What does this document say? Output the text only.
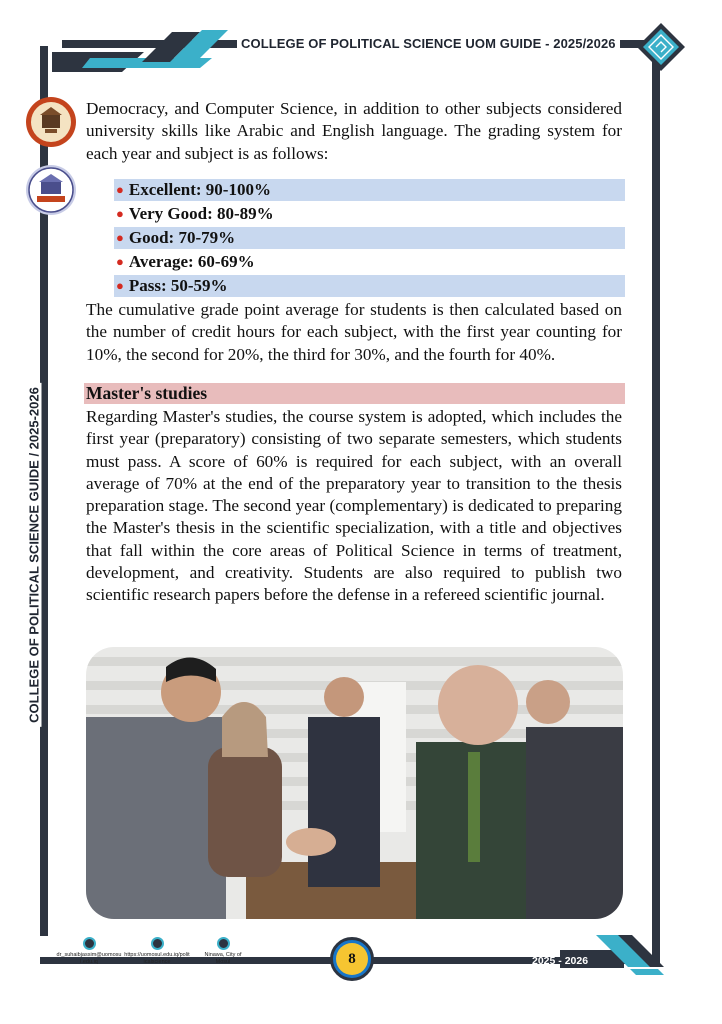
COLLEGE OF POLITICAL SCIENCE UOM GUIDE - 2025/2026
COLLEGE OF POLITICAL SCIENCE GUIDE / 2025-2026

Democracy, and Computer Science, in addition to other subjects considered university skills like Arabic and English language. The grading system for each year and subject is as follows:

● Excellent: 90-100%
● Very Good: 80-89%
● Good: 70-79%
● Average: 60-69%
● Pass: 50-59%

The cumulative grade point average for students is then calculated based on the number of credit hours for each subject, with the first year counting for 10%, the second for 20%, the third for 30%, and the fourth for 40%.

Master's studies

Regarding Master's studies, the course system is adopted, which includes the first year (preparatory) consisting of two separate semesters, which students must pass. A score of 60% is required for each subject, with an overall average of 70% at the end of the preparatory year to transition to the thesis preparation stage. The second year (complementary) is dedicated to preparing the Master's thesis in the scientific specialization, with a title and objectives that fall within the core areas of Political Science in terms of treatment, development, and creativity. Students are also required to publish two scientific research papers before the defense in a refereed scientific journal.

dr_suhaibjassim@uomosul.edu.iq
https://uomosul.edu.iq/politicalscience
Ninawa, City of Mosul	8	2025 - 2026
